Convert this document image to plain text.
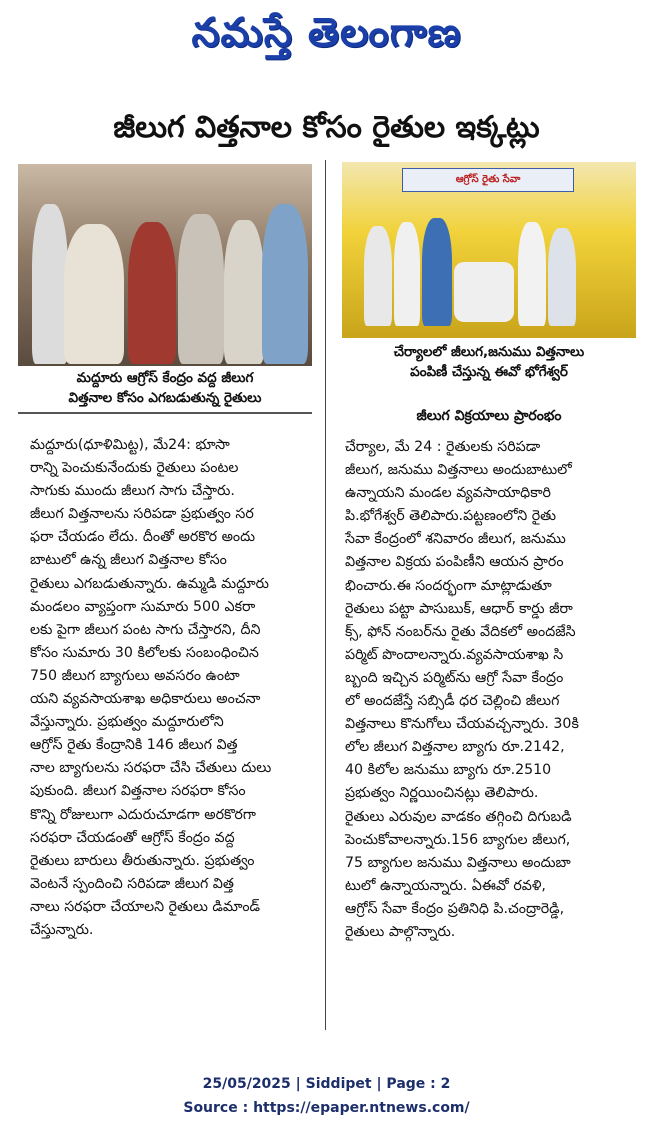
నమస్తే తెలంగాణ
జీలుగ విత్తనాల కోసం రైతుల ఇక్కట్లు
మద్దూరు ఆగ్రోస్ కేంద్రం వద్ద జీలుగ
విత్తనాల కోసం ఎగబడుతున్న రైతులు
ఆగ్రోస్ రైతు సేవా
చేర్యాలలో జీలుగ,జనుము విత్తనాలు
పంపిణీ చేస్తున్న ఈవో భోగేశ్వర్
జీలుగ విక్రయాలు ప్రారంభం
మద్దూరు(ధూళిమిట్ట), మే24: భూసా
రాన్ని పెంచుకునేందుకు రైతులు పంటల
సాగుకు ముందు జీలుగ సాగు చేస్తారు.
జీలుగ విత్తనాలను సరిపడా ప్రభుత్వం సర
ఫరా చేయడం లేదు. దీంతో అరకొర అందు
బాటులో ఉన్న జీలుగ విత్తనాల కోసం
రైతులు ఎగబడుతున్నారు. ఉమ్మడి మద్దూరు
మండలం వ్యాప్తంగా సుమారు 500 ఎకరా
లకు పైగా జీలుగ పంట సాగు చేస్తారని, దీని
కోసం సుమారు 30 కిలోలకు సంబంధించిన
750 జీలుగ బ్యాగులు అవసరం ఉంటా
యని వ్యవసాయశాఖ అధికారులు అంచనా
వేస్తున్నారు. ప్రభుత్వం మద్దూరులోని
ఆగ్రోస్ రైతు కేంద్రానికి 146 జీలుగ విత్త
నాల బ్యాగులను సరఫరా చేసి చేతులు దులు
పుకుంది. జీలుగ విత్తనాల సరఫరా కోసం
కొన్ని రోజులుగా ఎదురుచూడగా అరకొరగా
సరఫరా చేయడంతో ఆగ్రోస్ కేంద్రం వద్ద
రైతులు బారులు తీరుతున్నారు. ప్రభుత్వం
వెంటనే స్పందించి సరిపడా జీలుగ విత్త
నాలు సరఫరా చేయాలని రైతులు డిమాండ్
చేస్తున్నారు.
చేర్యాల, మే 24 : రైతులకు సరిపడా
జీలుగ, జనుము విత్తనాలు అందుబాటులో
ఉన్నాయని మండల వ్యవసాయాధికారి
పి.భోగేశ్వర్ తెలిపారు.పట్టణంలోని రైతు
సేవా కేంద్రంలో శనివారం జీలుగ, జనుము
విత్తనాల విక్రయ పంపిణీని ఆయన ప్రారం
భించారు.ఈ సందర్భంగా మాట్లాడుతూ
రైతులు పట్టా పాసుబుక్, ఆధార్ కార్డు జీరా
క్స్, ఫోన్ నంబర్‌ను రైతు వేదికలో అందజేసి
పర్మిట్ పొందాలన్నారు.వ్యవసాయశాఖ సి
బ్బంది ఇచ్చిన పర్మిట్‌ను ఆగ్రో సేవా కేంద్రం
లో అందజేస్తే సబ్సిడీ ధర చెల్లించి జీలుగ
విత్తనాలు కొనుగోలు చేయవచ్చన్నారు. 30కి
లోల జీలుగ విత్తనాల బ్యాగు రూ.2142,
40 కిలోల జనుము బ్యాగు రూ.2510
ప్రభుత్వం నిర్ణయించినట్లు తెలిపారు.
రైతులు ఎరువుల వాడకం తగ్గించి దిగుబడి
పెంచుకోవాలన్నారు.156 బ్యాగుల జీలుగ,
75 బ్యాగుల జనుము విత్తనాలు అందుబా
టులో ఉన్నాయన్నారు. ఏఈవో రవళి,
ఆగ్రోస్ సేవా కేంద్రం ప్రతినిధి పి.చంద్రారెడ్డి,
రైతులు పాల్గొన్నారు.
25/05/2025 | Siddipet | Page : 2
Source : https://epaper.ntnews.com/
